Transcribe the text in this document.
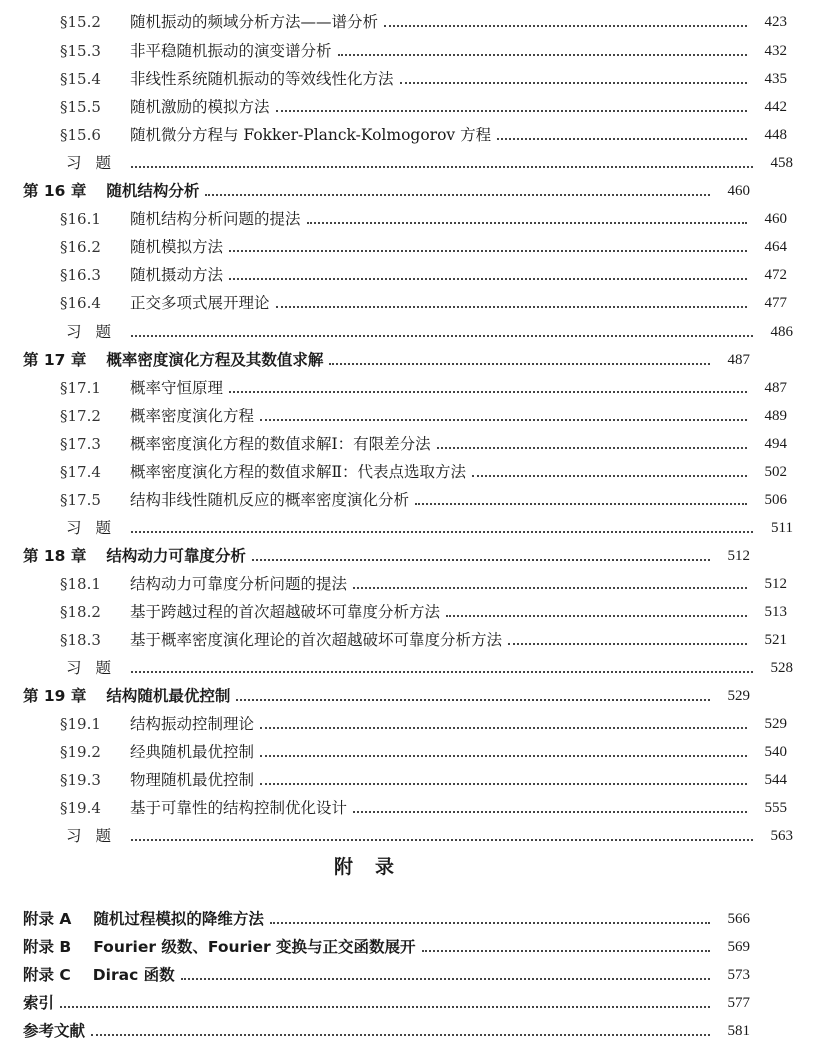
§15.2	随机振动的频域分析方法——谱分析	423
§15.3	非平稳随机振动的演变谱分析	432
§15.4	非线性系统随机振动的等效线性化方法	435
§15.5	随机激励的模拟方法	442
§15.6	随机微分方程与 Fokker-Planck-Kolmogorov 方程	448
习题	458
第 16 章 随机结构分析	460
§16.1	随机结构分析问题的提法	460
§16.2	随机模拟方法	464
§16.3	随机摄动方法	472
§16.4	正交多项式展开理论	477
习题	486
第 17 章 概率密度演化方程及其数值求解	487
§17.1	概率守恒原理	487
§17.2	概率密度演化方程	489
§17.3	概率密度演化方程的数值求解Ⅰ：有限差分法	494
§17.4	概率密度演化方程的数值求解Ⅱ：代表点选取方法	502
§17.5	结构非线性随机反应的概率密度演化分析	506
习题	511
第 18 章 结构动力可靠度分析	512
§18.1	结构动力可靠度分析问题的提法	512
§18.2	基于跨越过程的首次超越破坏可靠度分析方法	513
§18.3	基于概率密度演化理论的首次超越破坏可靠度分析方法	521
习题	528
第 19 章 结构随机最优控制	529
§19.1	结构振动控制理论	529
§19.2	经典随机最优控制	540
§19.3	物理随机最优控制	544
§19.4	基于可靠性的结构控制优化设计	555
习题	563
附录
附录 A 随机过程模拟的降维方法	566
附录 B Fourier 级数、Fourier 变换与正交函数展开	569
附录 C Dirac 函数	573
索引	577
参考文献	581
